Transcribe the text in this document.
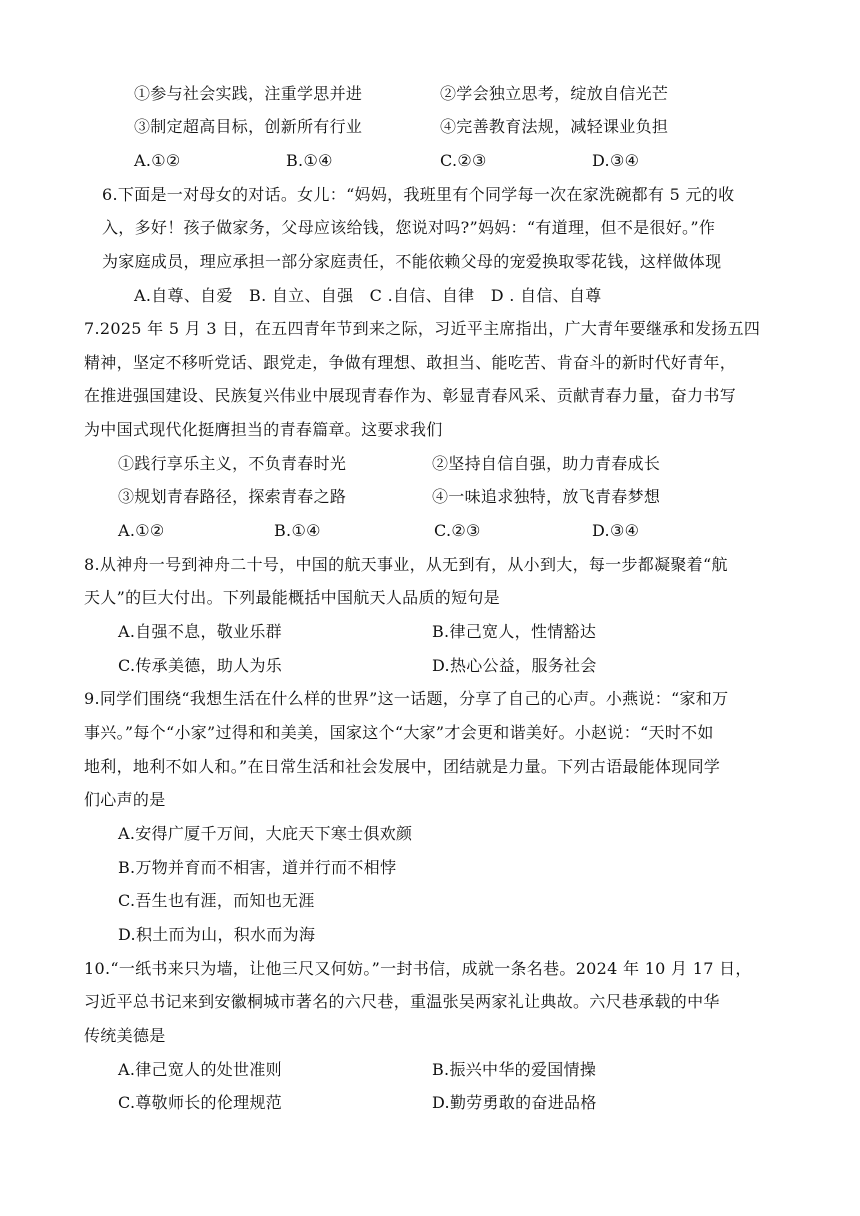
①参与社会实践，注重学思并进	②学会独立思考，绽放自信光芒
③制定超高目标，创新所有行业	④完善教育法规，减轻课业负担
A.①②	B.①④	C.②③	D.③④
6.下面是一对母女的对话。女儿：“妈妈，我班里有个同学每一次在家洗碗都有 5 元的收
入，多好！孩子做家务，父母应该给钱，您说对吗?”妈妈：“有道理，但不是很好。”作
为家庭成员，理应承担一部分家庭责任，不能依赖父母的宠爱换取零花钱，这样做体现
A.自尊、自爱　B. 自立、自强　C .自信、自律　D . 自信、自尊
7.2025 年 5 月 3 日，在五四青年节到来之际，习近平主席指出，广大青年要继承和发扬五四
精神，坚定不移听党话、跟党走，争做有理想、敢担当、能吃苦、肯奋斗的新时代好青年，
在推进强国建设、民族复兴伟业中展现青春作为、彰显青春风采、贡献青春力量，奋力书写
为中国式现代化挺膺担当的青春篇章。这要求我们
①践行享乐主义，不负青春时光	②坚持自信自强，助力青春成长
③规划青春路径，探索青春之路	④一味追求独特，放飞青春梦想
A.①②	B.①④	C.②③	D.③④
8.从神舟一号到神舟二十号，中国的航天事业，从无到有，从小到大，每一步都凝聚着“航
天人”的巨大付出。下列最能概括中国航天人品质的短句是
A.自强不息，敬业乐群	B.律己宽人，性情豁达
C.传承美德，助人为乐	D.热心公益，服务社会
9.同学们围绕“我想生活在什么样的世界”这一话题，分享了自己的心声。小燕说：“家和万
事兴。”每个“小家”过得和和美美，国家这个“大家”才会更和谐美好。小赵说：“天时不如
地利，地利不如人和。”在日常生活和社会发展中，团结就是力量。下列古语最能体现同学
们心声的是
A.安得广厦千万间，大庇天下寒士俱欢颜
B.万物并育而不相害，道并行而不相悖
C.吾生也有涯，而知也无涯
D.积土而为山，积水而为海
10.“一纸书来只为墙，让他三尺又何妨。”一封书信，成就一条名巷。2024 年 10 月 17 日，
习近平总书记来到安徽桐城市著名的六尺巷，重温张吴两家礼让典故。六尺巷承载的中华
传统美德是
A.律己宽人的处世准则	B.振兴中华的爱国情操
C.尊敬师长的伦理规范	D.勤劳勇敢的奋进品格
